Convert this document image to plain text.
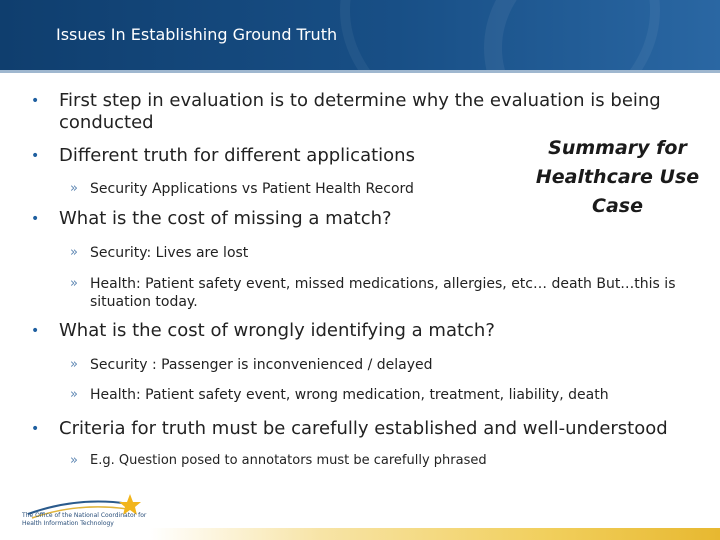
Issues In Establishing Ground Truth
• First step in evaluation is to determine why the evaluation is being
conducted
• Different truth for different applications
» Security Applications vs Patient Health Record
Summary for
Healthcare Use
Case
• What is the cost of missing a match?
» Security: Lives are lost
» Health: Patient safety event, missed medications, allergies, etc… death But…this is
situation today.
• What is the cost of wrongly identifying a match?
» Security : Passenger is inconvenienced / delayed
» Health: Patient safety event, wrong medication, treatment, liability, death
• Criteria for truth must be carefully established and well-understood
» E.g. Question posed to annotators must be carefully phrased
The Office of the National Coordinator for
Health Information Technology
